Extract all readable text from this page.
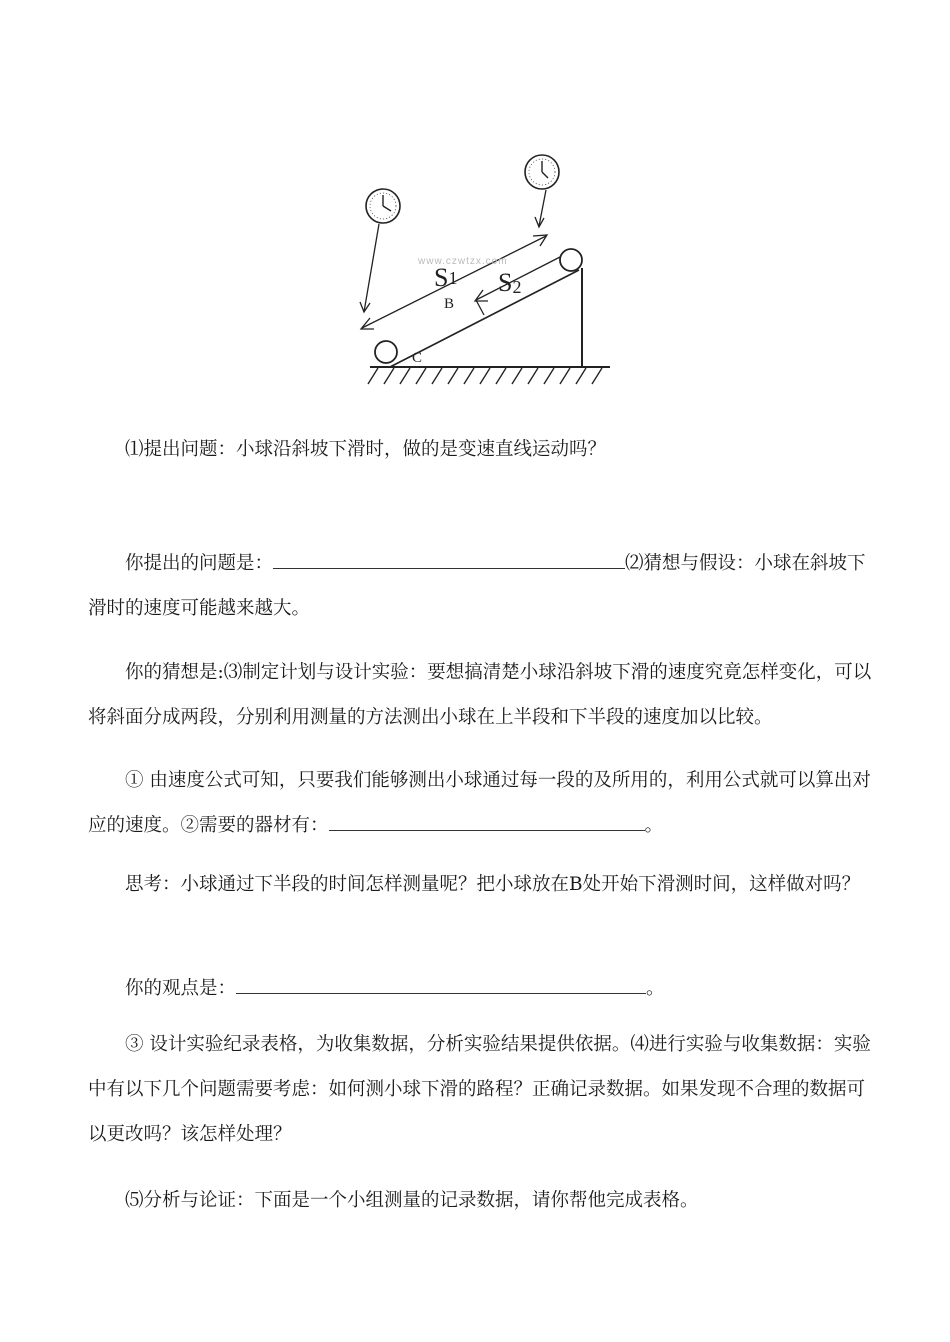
S1 S2
B
C
www.czwtzx.com

⑴提出问题：小球沿斜坡下滑时，做的是变速直线运动吗？

你提出的问题是：	⑵猜想与假设：小球在斜坡下滑时的速度可能越来越大。

你的猜想是:⑶制定计划与设计实验：要想搞清楚小球沿斜坡下滑的速度究竟怎样变化，可以将斜面分成两段，分别利用测量的方法测出小球在上半段和下半段的速度加以比较。

① 由速度公式可知，只要我们能够测出小球通过每一段的及所用的，利用公式就可以算出对应的速度。②需要的器材有：	。

思考：小球通过下半段的时间怎样测量呢？把小球放在B处开始下滑测时间，这样做对吗？

你的观点是：	。

③ 设计实验纪录表格，为收集数据，分析实验结果提供依据。⑷进行实验与收集数据：实验中有以下几个问题需要考虑：如何测小球下滑的路程？正确记录数据。如果发现不合理的数据可以更改吗？该怎样处理？

⑸分析与论证：下面是一个小组测量的记录数据，请你帮他完成表格。
